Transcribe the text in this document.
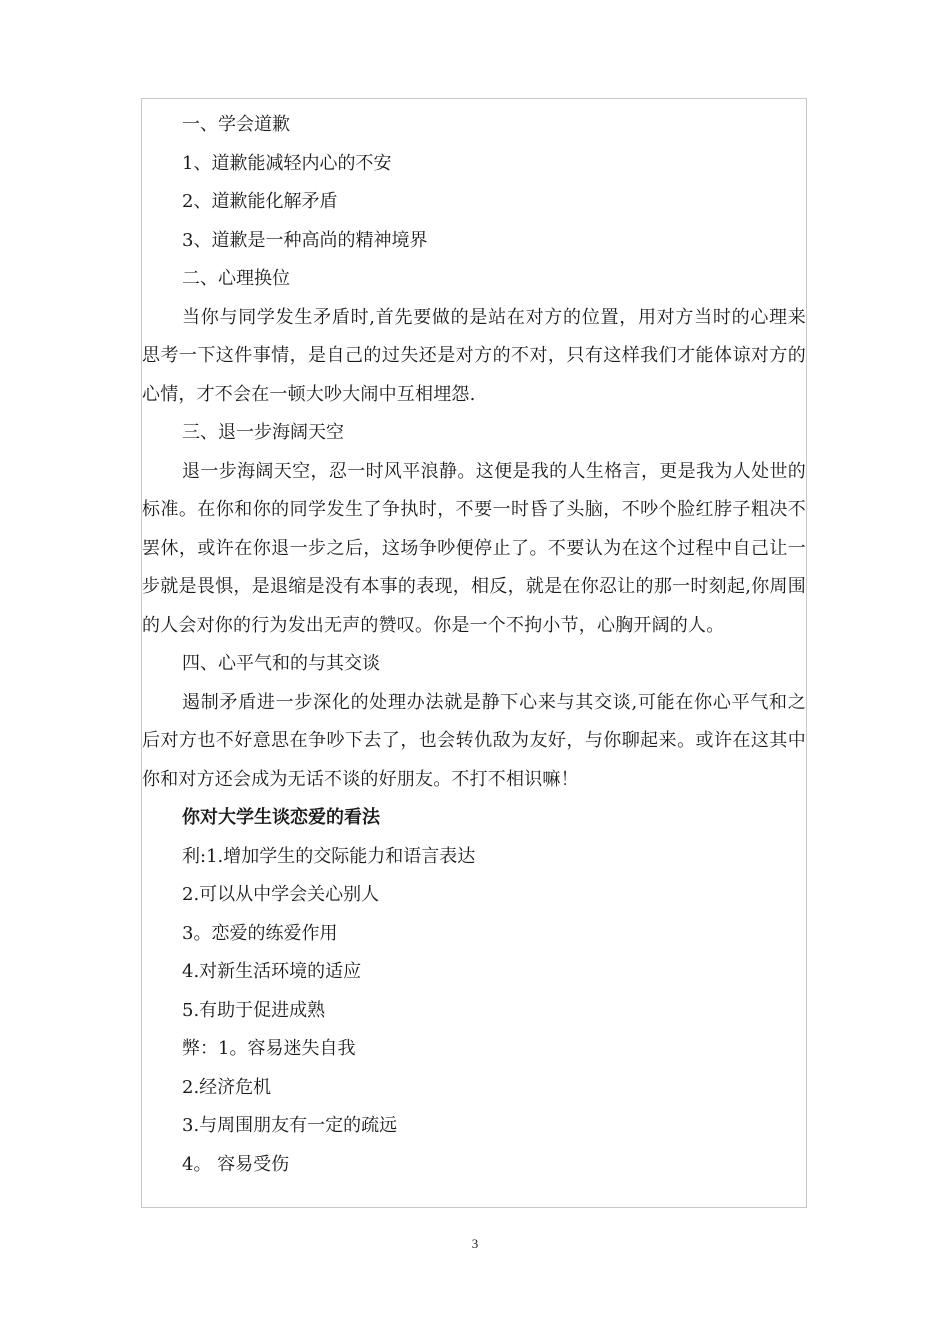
一、学会道歉
1、道歉能减轻内心的不安
2、道歉能化解矛盾
3、道歉是一种高尚的精神境界
二、心理换位
当你与同学发生矛盾时,首先要做的是站在对方的位置，用对方当时的心理来思考一下这件事情，是自己的过失还是对方的不对，只有这样我们才能体谅对方的心情，才不会在一顿大吵大闹中互相埋怨.
三、退一步海阔天空
退一步海阔天空，忍一时风平浪静。这便是我的人生格言，更是我为人处世的标准。在你和你的同学发生了争执时，不要一时昏了头脑，不吵个脸红脖子粗决不罢休，或许在你退一步之后，这场争吵便停止了。不要认为在这个过程中自己让一步就是畏惧，是退缩是没有本事的表现，相反，就是在你忍让的那一时刻起,你周围的人会对你的行为发出无声的赞叹。你是一个不拘小节，心胸开阔的人。
四、心平气和的与其交谈
遏制矛盾进一步深化的处理办法就是静下心来与其交谈,可能在你心平气和之后对方也不好意思在争吵下去了，也会转仇敌为友好，与你聊起来。或许在这其中你和对方还会成为无话不谈的好朋友。不打不相识嘛！
你对大学生谈恋爱的看法
利:1.增加学生的交际能力和语言表达
2.可以从中学会关心别人
3。恋爱的练爱作用
4.对新生活环境的适应
5.有助于促进成熟
弊：1。容易迷失自我
2.经济危机
3.与周围朋友有一定的疏远
4。 容易受伤
3
